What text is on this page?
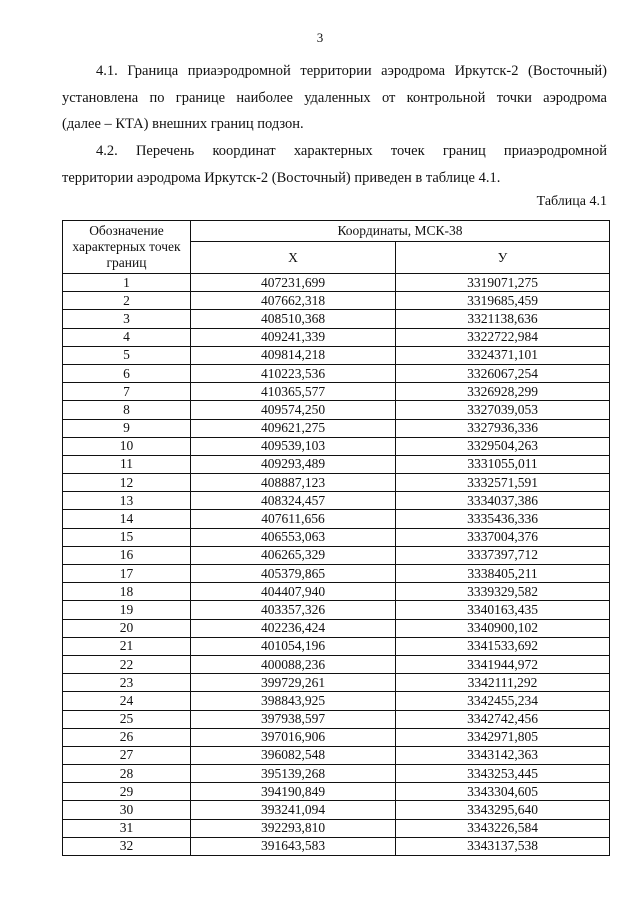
3

4.1. Граница приаэродромной территории аэродрома Иркутск-2 (Восточный)
установлена по границе наиболее удаленных от контрольной точки аэродрома
(далее – КТА) внешних границ подзон.

4.2. Перечень координат характерных точек границ приаэродромной
территории аэродрома Иркутск-2 (Восточный) приведен в таблице 4.1.

Таблица 4.1
Обозначение характерных точек границ	Координаты, МСК-38	
	X	У
1	407231,699	3319071,275
2	407662,318	3319685,459
3	408510,368	3321138,636
4	409241,339	3322722,984
5	409814,218	3324371,101
6	410223,536	3326067,254
7	410365,577	3326928,299
8	409574,250	3327039,053
9	409621,275	3327936,336
10	409539,103	3329504,263
11	409293,489	3331055,011
12	408887,123	3332571,591
13	408324,457	3334037,386
14	407611,656	3335436,336
15	406553,063	3337004,376
16	406265,329	3337397,712
17	405379,865	3338405,211
18	404407,940	3339329,582
19	403357,326	3340163,435
20	402236,424	3340900,102
21	401054,196	3341533,692
22	400088,236	3341944,972
23	399729,261	3342111,292
24	398843,925	3342455,234
25	397938,597	3342742,456
26	397016,906	3342971,805
27	396082,548	3343142,363
28	395139,268	3343253,445
29	394190,849	3343304,605
30	393241,094	3343295,640
31	392293,810	3343226,584
32	391643,583	3343137,538
